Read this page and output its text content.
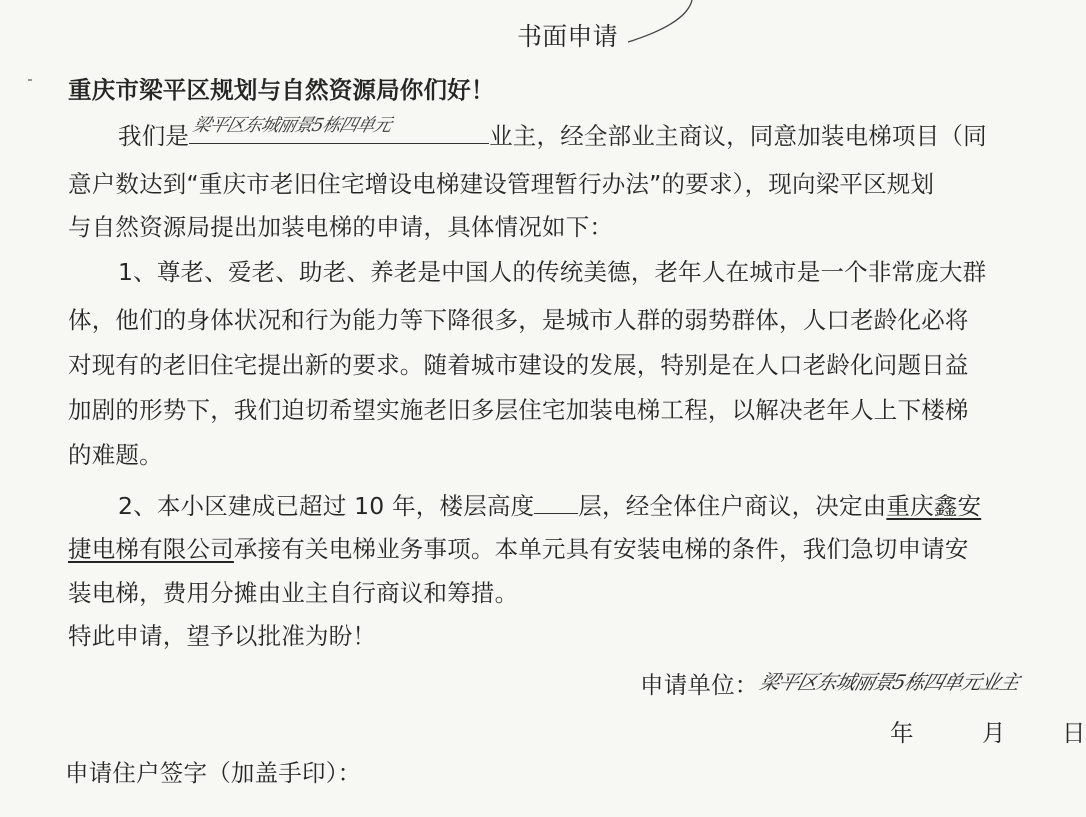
书面申请
重庆市梁平区规划与自然资源局你们好！
我们是 梁平区东城丽景5栋四单元	业主，经全部业主商议，同意加装电梯项目（同
意户数达到“重庆市老旧住宅增设电梯建设管理暂行办法”的要求），现向梁平区规划
与自然资源局提出加装电梯的申请，具体情况如下：
1、尊老、爱老、助老、养老是中国人的传统美德，老年人在城市是一个非常庞大群
体，他们的身体状况和行为能力等下降很多，是城市人群的弱势群体，人口老龄化必将
对现有的老旧住宅提出新的要求。随着城市建设的发展，特别是在人口老龄化问题日益
加剧的形势下，我们迫切希望实施老旧多层住宅加装电梯工程，以解决老年人上下楼梯
的难题。
2、本小区建成已超过 10 年，楼层高度 层，经全体住户商议，决定由重庆鑫安
捷电梯有限公司承接有关电梯业务事项。本单元具有安装电梯的条件，我们急切申请安
装电梯，费用分摊由业主自行商议和筹措。
特此申请，望予以批准为盼！
申请单位：梁平区东城丽景5栋四单元业主
年	月 日
申请住户签字（加盖手印）：
